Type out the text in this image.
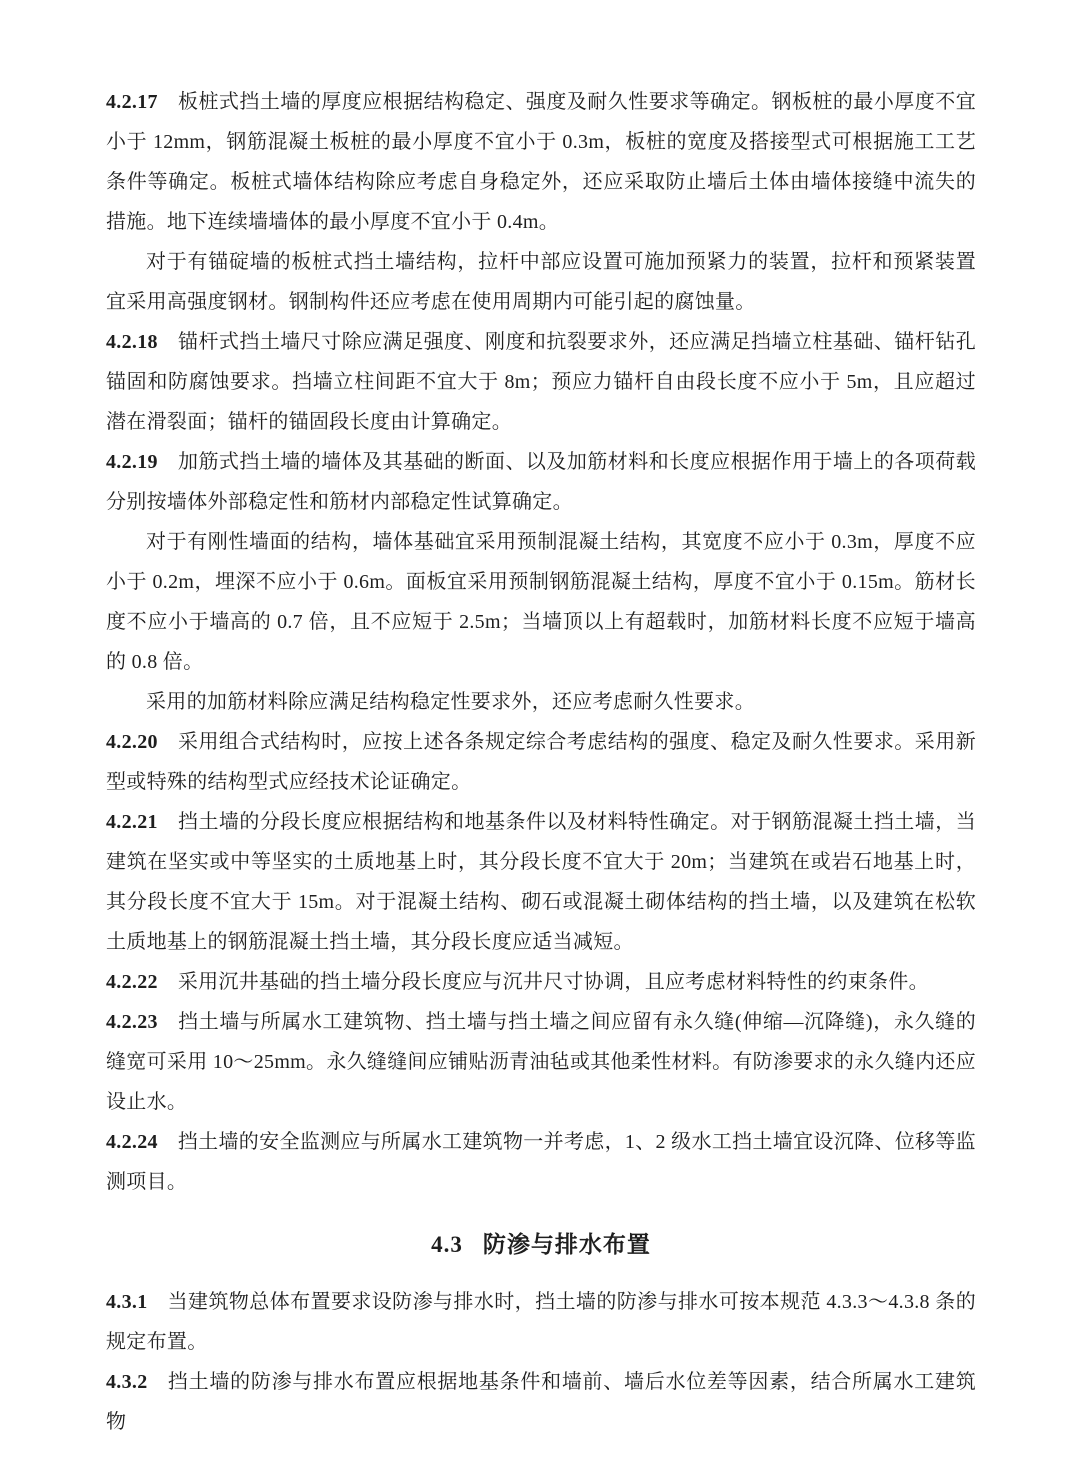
4.2.17 板桩式挡土墙的厚度应根据结构稳定、强度及耐久性要求等确定。钢板桩的最小厚度不宜小于 12mm，钢筋混凝土板桩的最小厚度不宜小于 0.3m，板桩的宽度及搭接型式可根据施工工艺条件等确定。板桩式墙体结构除应考虑自身稳定外，还应采取防止墙后土体由墙体接缝中流失的措施。地下连续墙墙体的最小厚度不宜小于 0.4m。

对于有锚碇墙的板桩式挡土墙结构，拉杆中部应设置可施加预紧力的装置，拉杆和预紧装置宜采用高强度钢材。钢制构件还应考虑在使用周期内可能引起的腐蚀量。

4.2.18 锚杆式挡土墙尺寸除应满足强度、刚度和抗裂要求外，还应满足挡墙立柱基础、锚杆钻孔锚固和防腐蚀要求。挡墙立柱间距不宜大于 8m；预应力锚杆自由段长度不应小于 5m，且应超过潜在滑裂面；锚杆的锚固段长度由计算确定。

4.2.19 加筋式挡土墙的墙体及其基础的断面、以及加筋材料和长度应根据作用于墙上的各项荷载分别按墙体外部稳定性和筋材内部稳定性试算确定。

对于有刚性墙面的结构，墙体基础宜采用预制混凝土结构，其宽度不应小于 0.3m，厚度不应小于 0.2m，埋深不应小于 0.6m。面板宜采用预制钢筋混凝土结构，厚度不宜小于 0.15m。筋材长度不应小于墙高的 0.7 倍，且不应短于 2.5m；当墙顶以上有超载时，加筋材料长度不应短于墙高的 0.8 倍。

采用的加筋材料除应满足结构稳定性要求外，还应考虑耐久性要求。

4.2.20 采用组合式结构时，应按上述各条规定综合考虑结构的强度、稳定及耐久性要求。采用新型或特殊的结构型式应经技术论证确定。

4.2.21 挡土墙的分段长度应根据结构和地基条件以及材料特性确定。对于钢筋混凝土挡土墙，当建筑在坚实或中等坚实的土质地基上时，其分段长度不宜大于 20m；当建筑在或岩石地基上时，其分段长度不宜大于 15m。对于混凝土结构、砌石或混凝土砌体结构的挡土墙，以及建筑在松软土质地基上的钢筋混凝土挡土墙，其分段长度应适当减短。

4.2.22 采用沉井基础的挡土墙分段长度应与沉井尺寸协调，且应考虑材料特性的约束条件。

4.2.23 挡土墙与所属水工建筑物、挡土墙与挡土墙之间应留有永久缝(伸缩—沉降缝)，永久缝的缝宽可采用 10～25mm。永久缝缝间应铺贴沥青油毡或其他柔性材料。有防渗要求的永久缝内还应设止水。

4.2.24 挡土墙的安全监测应与所属水工建筑物一并考虑，1、2 级水工挡土墙宜设沉降、位移等监测项目。

4.3 防渗与排水布置

4.3.1 当建筑物总体布置要求设防渗与排水时，挡土墙的防渗与排水可按本规范 4.3.3～4.3.8 条的规定布置。

4.3.2 挡土墙的防渗与排水布置应根据地基条件和墙前、墙后水位差等因素，结合所属水工建筑物
